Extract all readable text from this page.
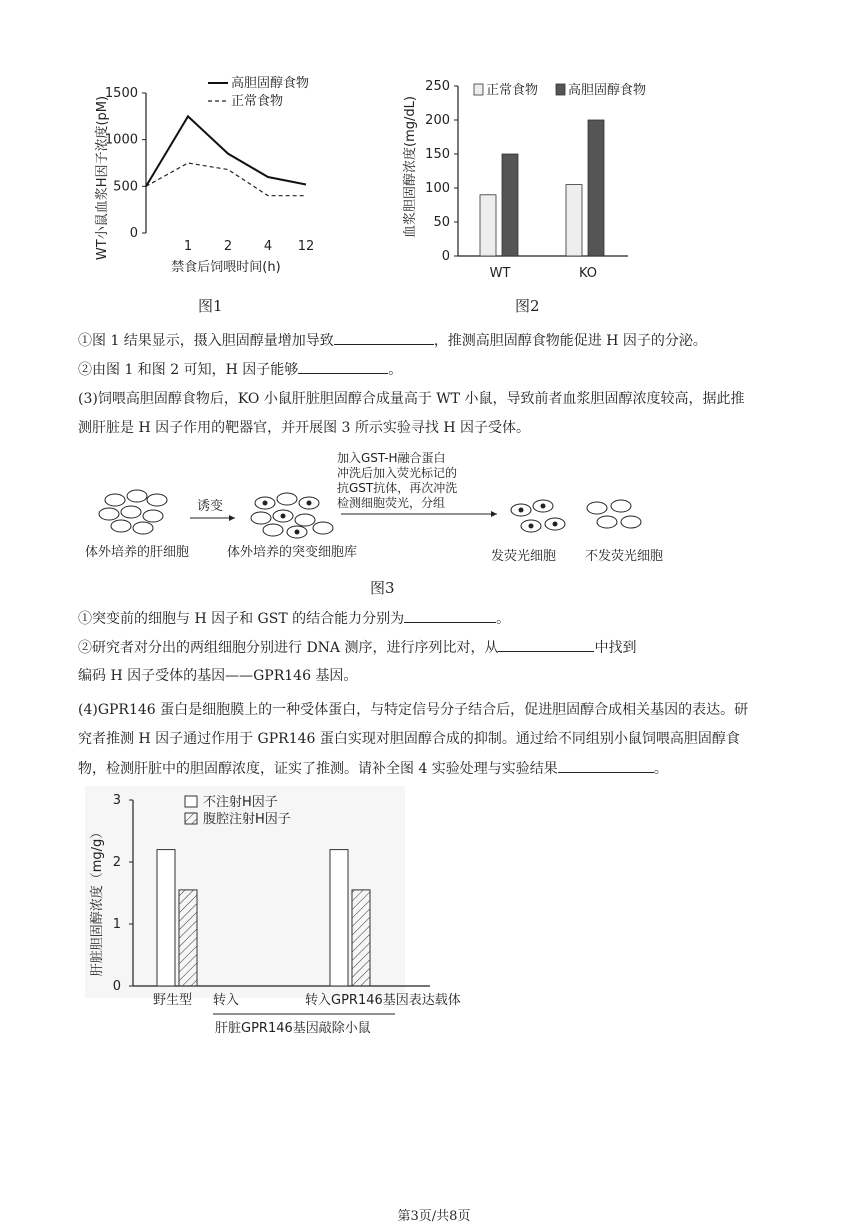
WT小鼠血浆H因子浓度(pM) 0
500
1000
1500
1 2 4 12
高胆固醇食物
正常食物
禁食后饲喂时间(h)
图1
血浆胆固醇浓度(mg/dL)
0
50
100
150
200
250	正常食物 高胆固醇食物
WT	KO
图2
①图 1 结果显示，摄入胆固醇量增加导致	，推测高胆固醇食物能促进 H 因子的分泌。
②由图 1 和图 2 可知，H 因子能够	。
(3)饲喂高胆固醇食物后，KO 小鼠肝脏胆固醇合成量高于 WT 小鼠，导致前者血浆胆固醇浓度较高，据此推
测肝脏是 H 因子作用的靶器官，并开展图 3 所示实验寻找 H 因子受体。
诱变
加入GST-H融合蛋白
冲洗后加入荧光标记的
抗GST抗体，再次冲洗
检测细胞荧光，分组
体外培养的肝细胞	体外培养的突变细胞库	发荧光细胞 不发荧光细胞
图3
①突变前的细胞与 H 因子和 GST 的结合能力分别为	。
②研究者对分出的两组细胞分别进行 DNA 测序，进行序列比对，从	中找到
编码 H 因子受体的基因——GPR146 基因。
(4)GPR146 蛋白是细胞膜上的一种受体蛋白，与特定信号分子结合后，促进胆固醇合成相关基因的表达。研
究者推测 H 因子通过作用于 GPR146 蛋白实现对胆固醇合成的抑制。通过给不同组别小鼠饲喂高胆固醇食
物，检测肝脏中的胆固醇浓度，证实了推测。请补全图 4 实验处理与实验结果	。
肝脏胆固醇浓度（mg/g）
0
1
2
3	不注射H因子
腹腔注射H因子
野生型 转入	转入GPR146基因表达载体
肝脏GPR146基因敲除小鼠
第3页/共8页
